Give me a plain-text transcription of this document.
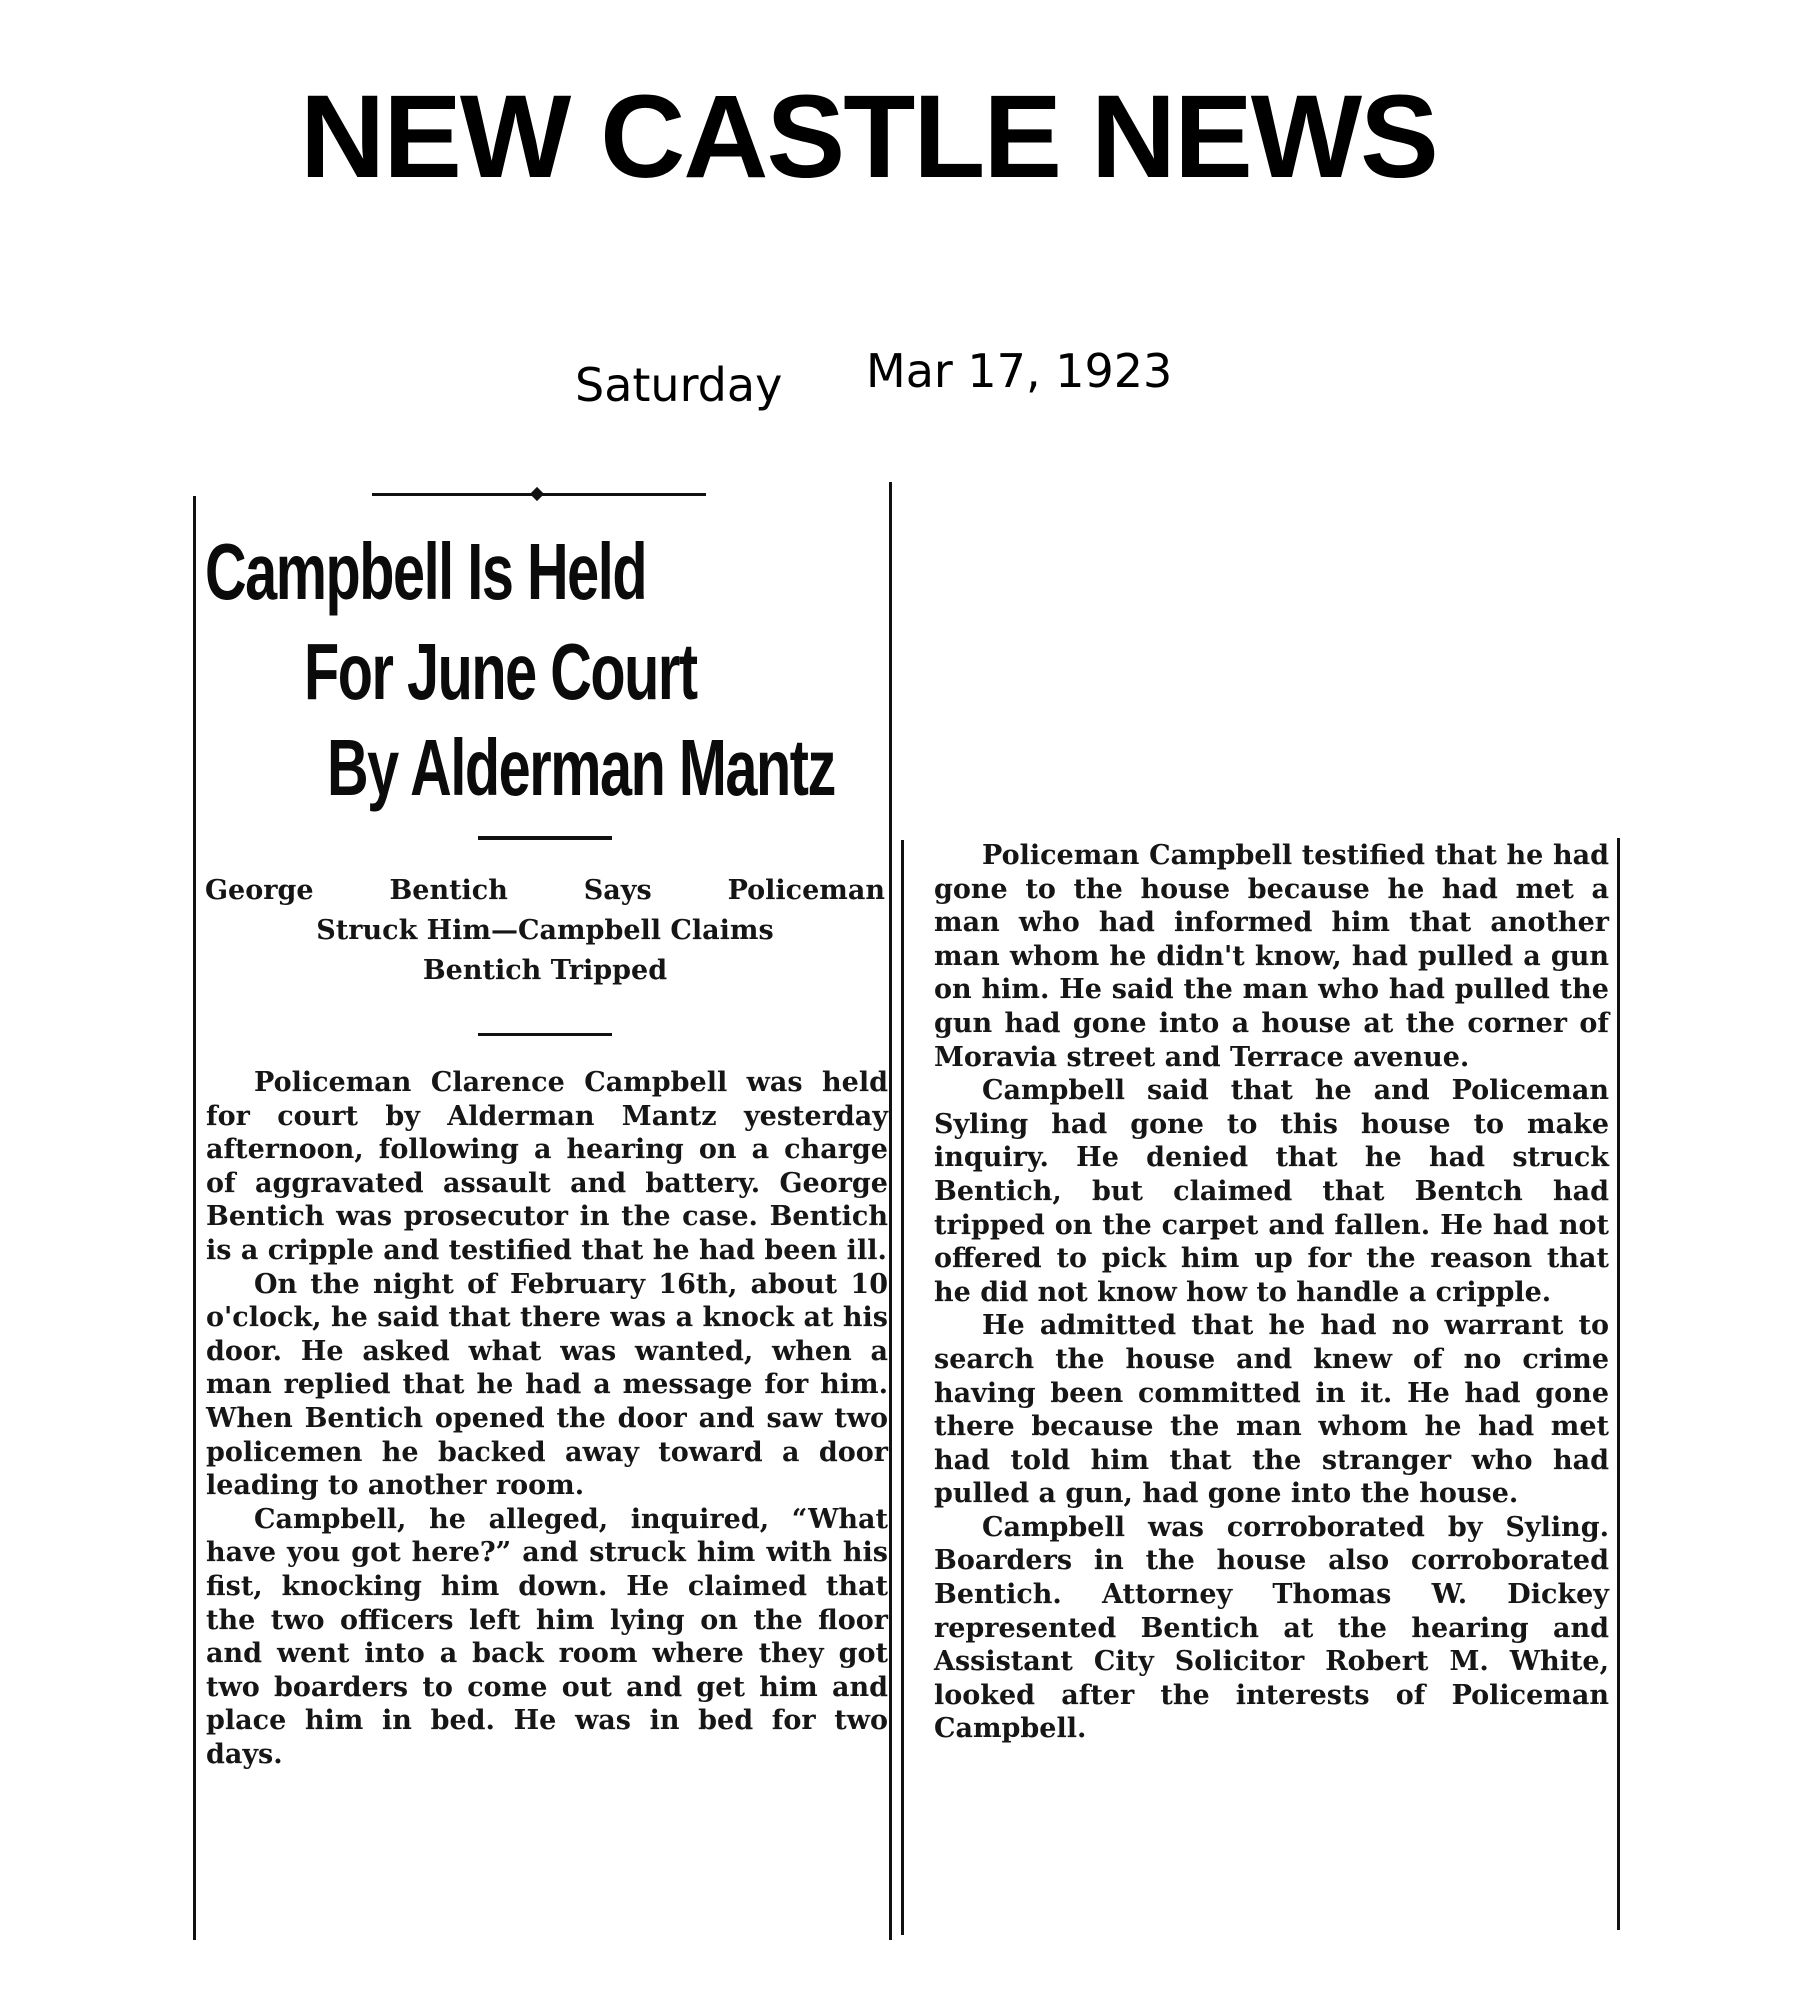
NEW CASTLE NEWS
Saturday Mar 17, 1923
Campbell Is Held
For June Court
By Alderman Mantz
George Bentich Says Policeman
Struck Him—Campbell Claims
Bentich Tripped

Policeman Clarence Campbell was held for court by Alderman Mantz yesterday afternoon, following a hearing on a charge of aggravated assault and battery. George Bentich was prosecutor in the case. Bentich is a cripple and testified that he had been ill.

On the night of February 16th, about 10 o'clock, he said that there was a knock at his door. He asked what was wanted, when a man replied that he had a message for him. When Bentich opened the door and saw two policemen he backed away toward a door leading to another room.

Campbell, he alleged, inquired, “What have you got here?” and struck him with his fist, knocking him down. He claimed that the two officers left him lying on the floor and went into a back room where they got two boarders to come out and get him and place him in bed. He was in bed for two days.

Policeman Campbell testified that he had gone to the house because he had met a man who had informed him that another man whom he didn't know, had pulled a gun on him. He said the man who had pulled the gun had gone into a house at the corner of Moravia street and Terrace avenue.

Campbell said that he and Policeman Syling had gone to this house to make inquiry. He denied that he had struck Bentich, but claimed that Bentch had tripped on the carpet and fallen. He had not offered to pick him up for the reason that he did not know how to handle a cripple.

He admitted that he had no warrant to search the house and knew of no crime having been committed in it. He had gone there because the man whom he had met had told him that the stranger who had pulled a gun, had gone into the house.

Campbell was corroborated by Syling. Boarders in the house also corroborated Bentich. Attorney Thomas W. Dickey represented Bentich at the hearing and Assistant City Solicitor Robert M. White, looked after the interests of Policeman Campbell.
